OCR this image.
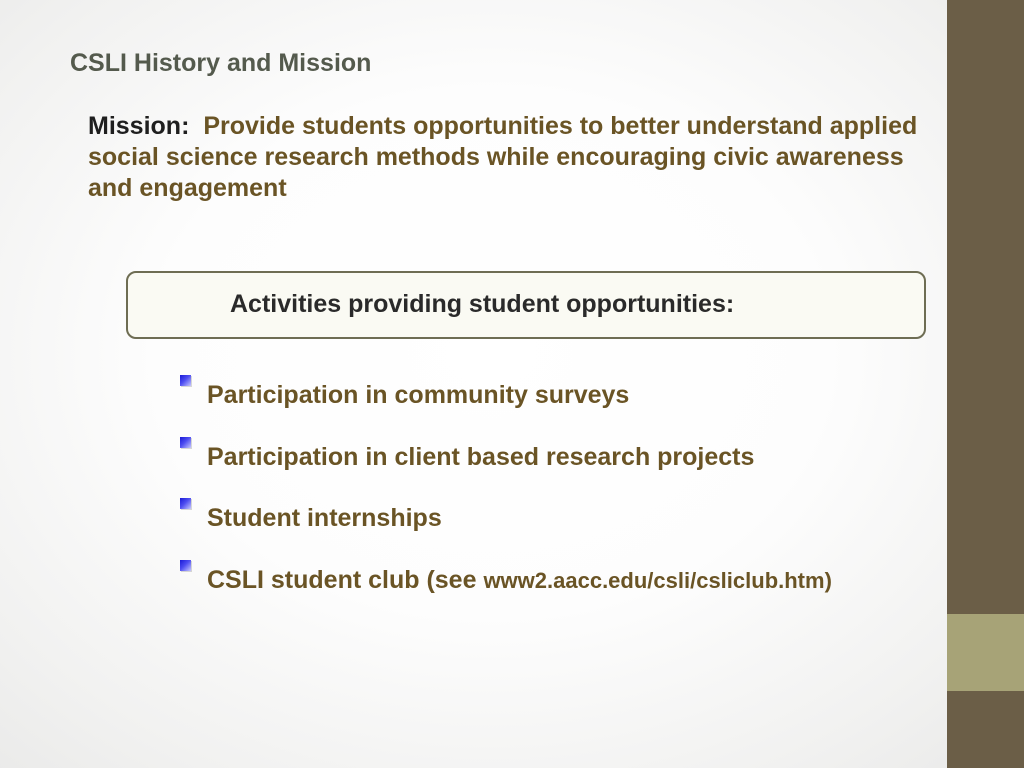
CSLI History and Mission

Mission: Provide students opportunities to better understand applied social science research methods while encouraging civic awareness and engagement

Activities providing student opportunities:
Participation in community surveys
Participation in client based research projects
Student internships
CSLI student club (see www2.aacc.edu/csli/csliclub.htm)
